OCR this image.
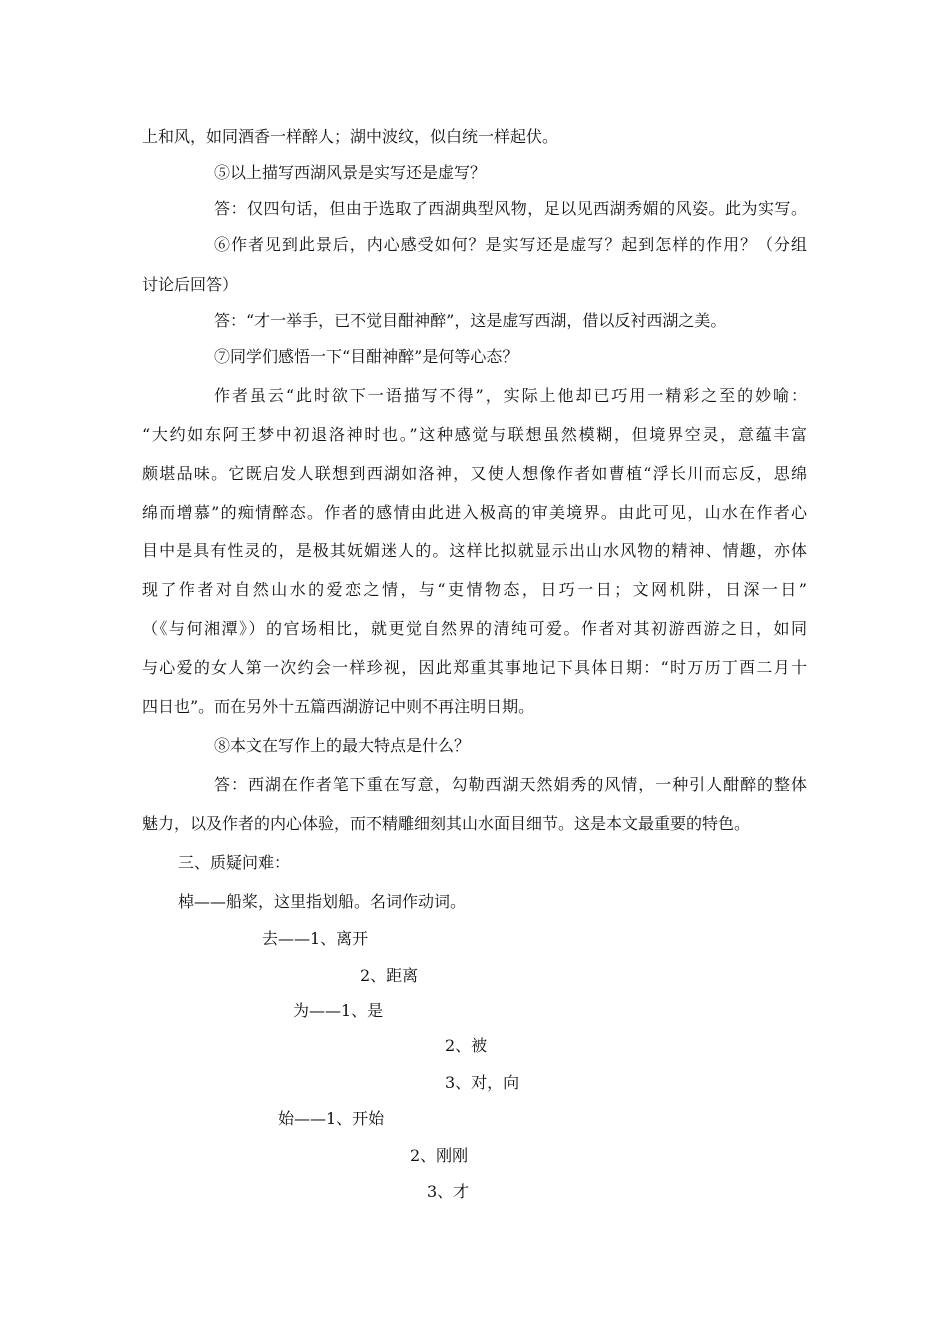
上和风，如同酒香一样醉人；湖中波纹，似白统一样起伏。

⑤以上描写西湖风景是实写还是虚写？

答：仅四句话，但由于选取了西湖典型风物，足以见西湖秀媚的风姿。此为实写。

⑥作者见到此景后，内心感受如何？是实写还是虚写？起到怎样的作用？（分组

讨论后回答）

答：“才一举手，已不觉目酣神醉”，这是虚写西湖，借以反衬西湖之美。

⑦同学们感悟一下“目酣神醉”是何等心态？

作者虽云“此时欲下一语描写不得”，实际上他却已巧用一精彩之至的妙喻：

“大约如东阿王梦中初退洛神时也。”这种感觉与联想虽然模糊，但境界空灵，意蕴丰富

颇堪品味。它既启发人联想到西湖如洛神，又使人想像作者如曹植“浮长川而忘反，思绵

绵而增慕”的痴情醉态。作者的感情由此进入极高的审美境界。由此可见，山水在作者心

目中是具有性灵的，是极其妩媚迷人的。这样比拟就显示出山水风物的精神、情趣，亦体

现了作者对自然山水的爱恋之情，与“吏情物态，日巧一日；文网机阱，日深一日”

（《与何湘潭》）的官场相比，就更觉自然界的清纯可爱。作者对其初游西游之日，如同

与心爱的女人第一次约会一样珍视，因此郑重其事地记下具体日期：“时万历丁酉二月十

四日也”。而在另外十五篇西湖游记中则不再注明日期。

⑧本文在写作上的最大特点是什么？

答：西湖在作者笔下重在写意，勾勒西湖天然娟秀的风情，一种引人酣醉的整体

魅力，以及作者的内心体验，而不精雕细刻其山水面目细节。这是本文最重要的特色。

三、质疑问难：

棹——船桨，这里指划船。名词作动词。

去——1、离开

2、距离

为——1、是

2、被

3、对，向

始——1、开始

2、刚刚

3、才
